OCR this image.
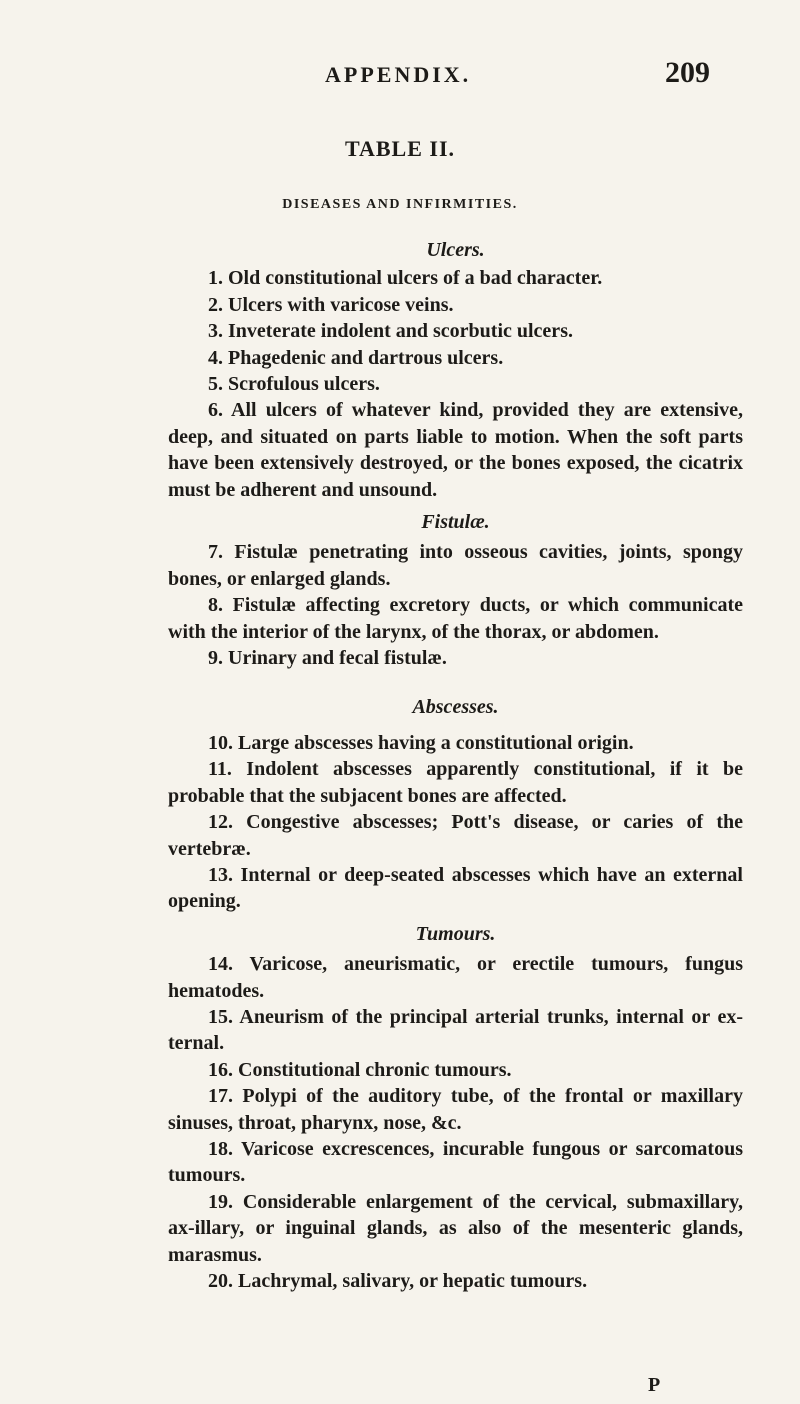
APPENDIX.	209
TABLE II.
DISEASES AND INFIRMITIES.
Ulcers.

1. Old constitutional ulcers of a bad character.

2. Ulcers with varicose veins.

3. Inveterate indolent and scorbutic ulcers.

4. Phagedenic and dartrous ulcers.

5. Scrofulous ulcers.

6. All ulcers of whatever kind, provided they are extensive, deep, and situated on parts liable to motion. When the soft parts have been extensively destroyed, or the bones exposed, the cicatrix must be adherent and unsound.

Fistulæ.

7. Fistulæ penetrating into osseous cavities, joints, spongy bones, or enlarged glands.

8. Fistulæ affecting excretory ducts, or which communicate with the interior of the larynx, of the thorax, or abdomen.

9. Urinary and fecal fistulæ.

Abscesses.

10. Large abscesses having a constitutional origin.

11. Indolent abscesses apparently constitutional, if it be probable that the subjacent bones are affected.

12. Congestive abscesses; Pott's disease, or caries of the vertebræ.

13. Internal or deep-seated abscesses which have an external opening.

Tumours.

14. Varicose, aneurismatic, or erectile tumours, fungus hematodes.

15. Aneurism of the principal arterial trunks, internal or ex-ternal.

16. Constitutional chronic tumours.

17. Polypi of the auditory tube, of the frontal or maxillary sinuses, throat, pharynx, nose, &c.

18. Varicose excrescences, incurable fungous or sarcomatous tumours.

19. Considerable enlargement of the cervical, submaxillary, ax-illary, or inguinal glands, as also of the mesenteric glands, marasmus.

20. Lachrymal, salivary, or hepatic tumours.

P
